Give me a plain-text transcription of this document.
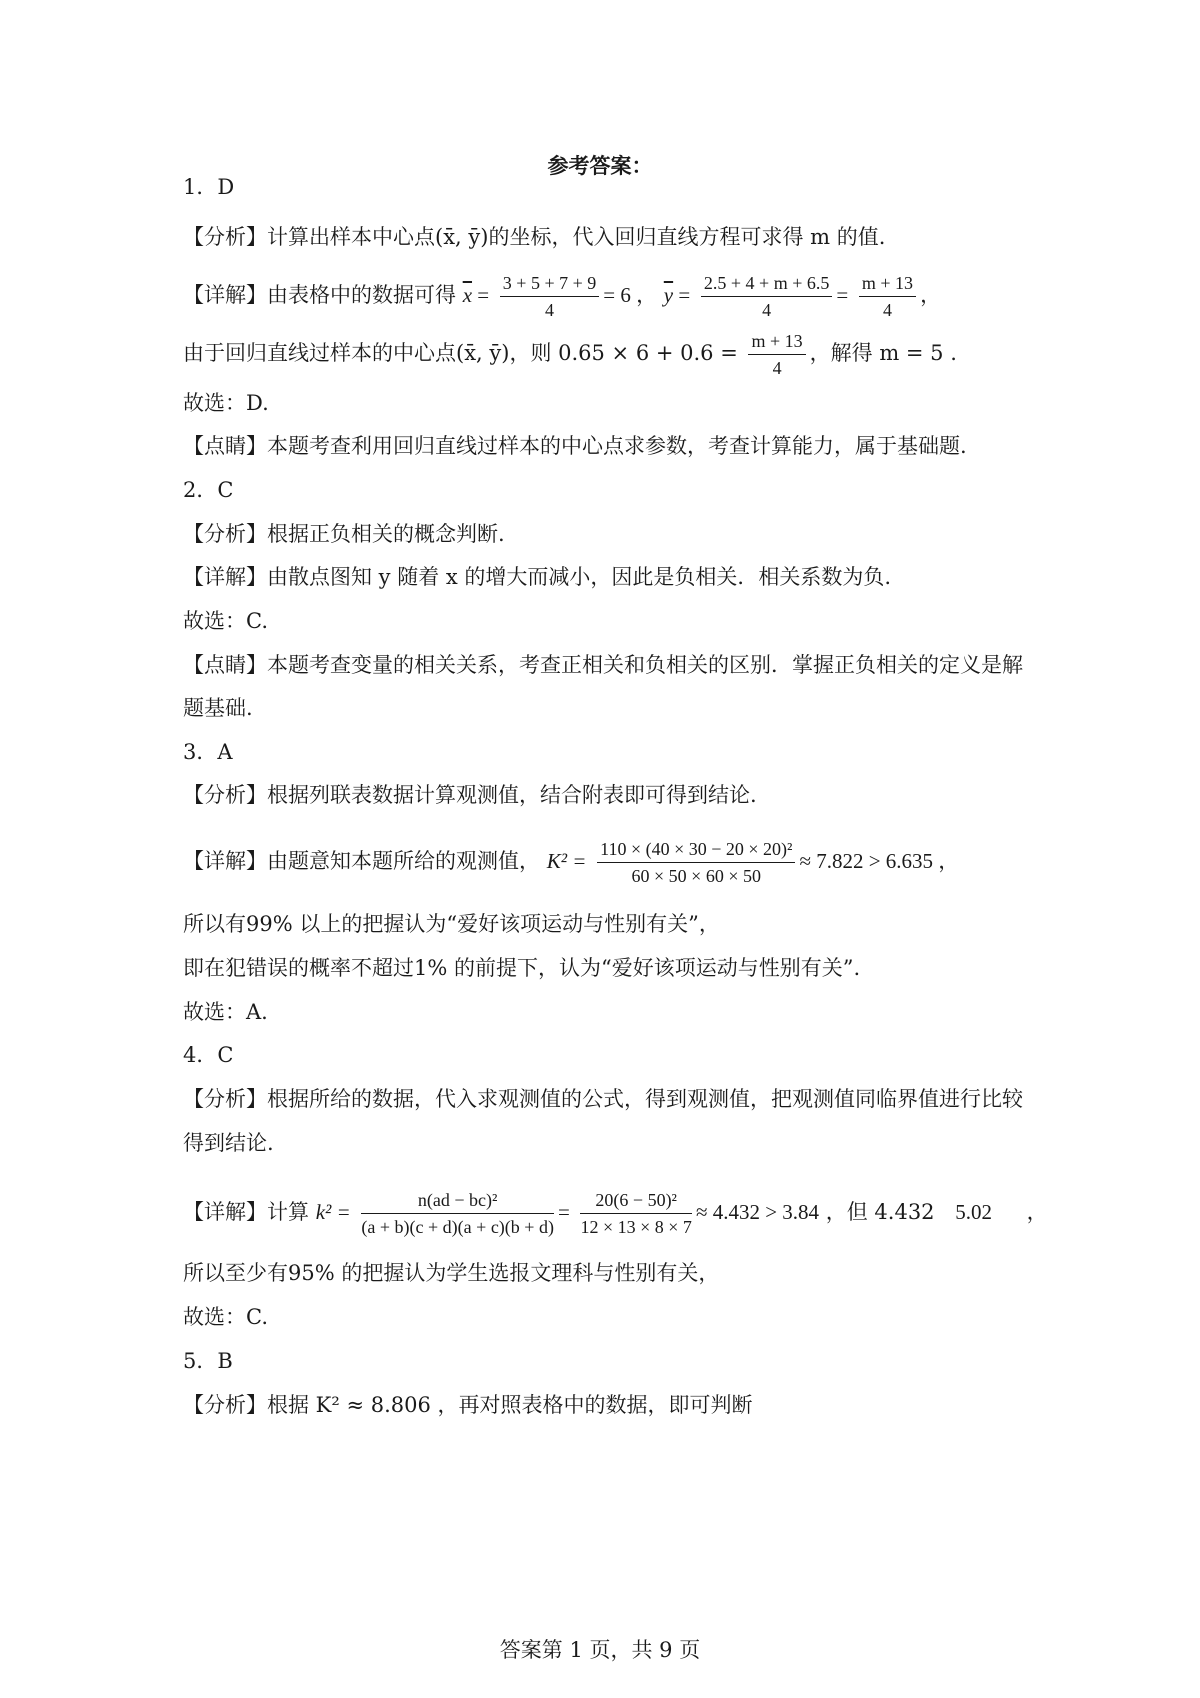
参考答案：
1．D
【分析】计算出样本中心点(x̄, ȳ)的坐标，代入回归直线方程可求得 m 的值.
【详解】由表格中的数据可得 $\overline{x} = \frac{3 + 5 + 7 + 9}{4} = 6$ ， $\overline{y} = \frac{2.5 + 4 + m + 6.5}{4} = \frac{m + 13}{4}$ ，
由于回归直线过样本的中心点(x̄, ȳ)，则 $0.65 \times 6 + 0.6 = \frac{m + 13}{4}$ ，解得 m = 5 .
故选：D.
【点睛】本题考查利用回归直线过样本的中心点求参数，考查计算能力，属于基础题.
2．C
【分析】根据正负相关的概念判断.
【详解】由散点图知 y 随着 x 的增大而减小，因此是负相关．相关系数为负.
故选：C.
【点睛】本题考查变量的相关关系，考查正相关和负相关的区别．掌握正负相关的定义是解
题基础.
3．A
【分析】根据列联表数据计算观测值，结合附表即可得到结论.
【详解】由题意知本题所给的观测值， $K^2 = \frac{\text{110 × (40 × 30 − 20 × 20)²}}{60 \times 50 \times 60 \times 50} \approx 7.822 > 6.635$ ，
所以有99% 以上的把握认为“爱好该项运动与性别有关”，
即在犯错误的概率不超过1% 的前提下，认为“爱好该项运动与性别有关”.
故选：A.
4．C
【分析】根据所给的数据，代入求观测值的公式，得到观测值，把观测值同临界值进行比较
得到结论.
【详解】计算 $k^2 = \frac{\text{n(ad − bc)²}}{(a + b)(c + d)(a + c)(b + d)} = \frac{\text{20(6 − 50)²}}{12 \times 13 \times 8 \times 7} \approx 4.432 > 3.84$ ，但 4.432 5.02 ，
所以至少有95% 的把握认为学生选报文理科与性别有关，
故选：C.
5．B
【分析】根据 K² ≈ 8.806 ，再对照表格中的数据，即可判断
答案第 1 页，共 9 页
